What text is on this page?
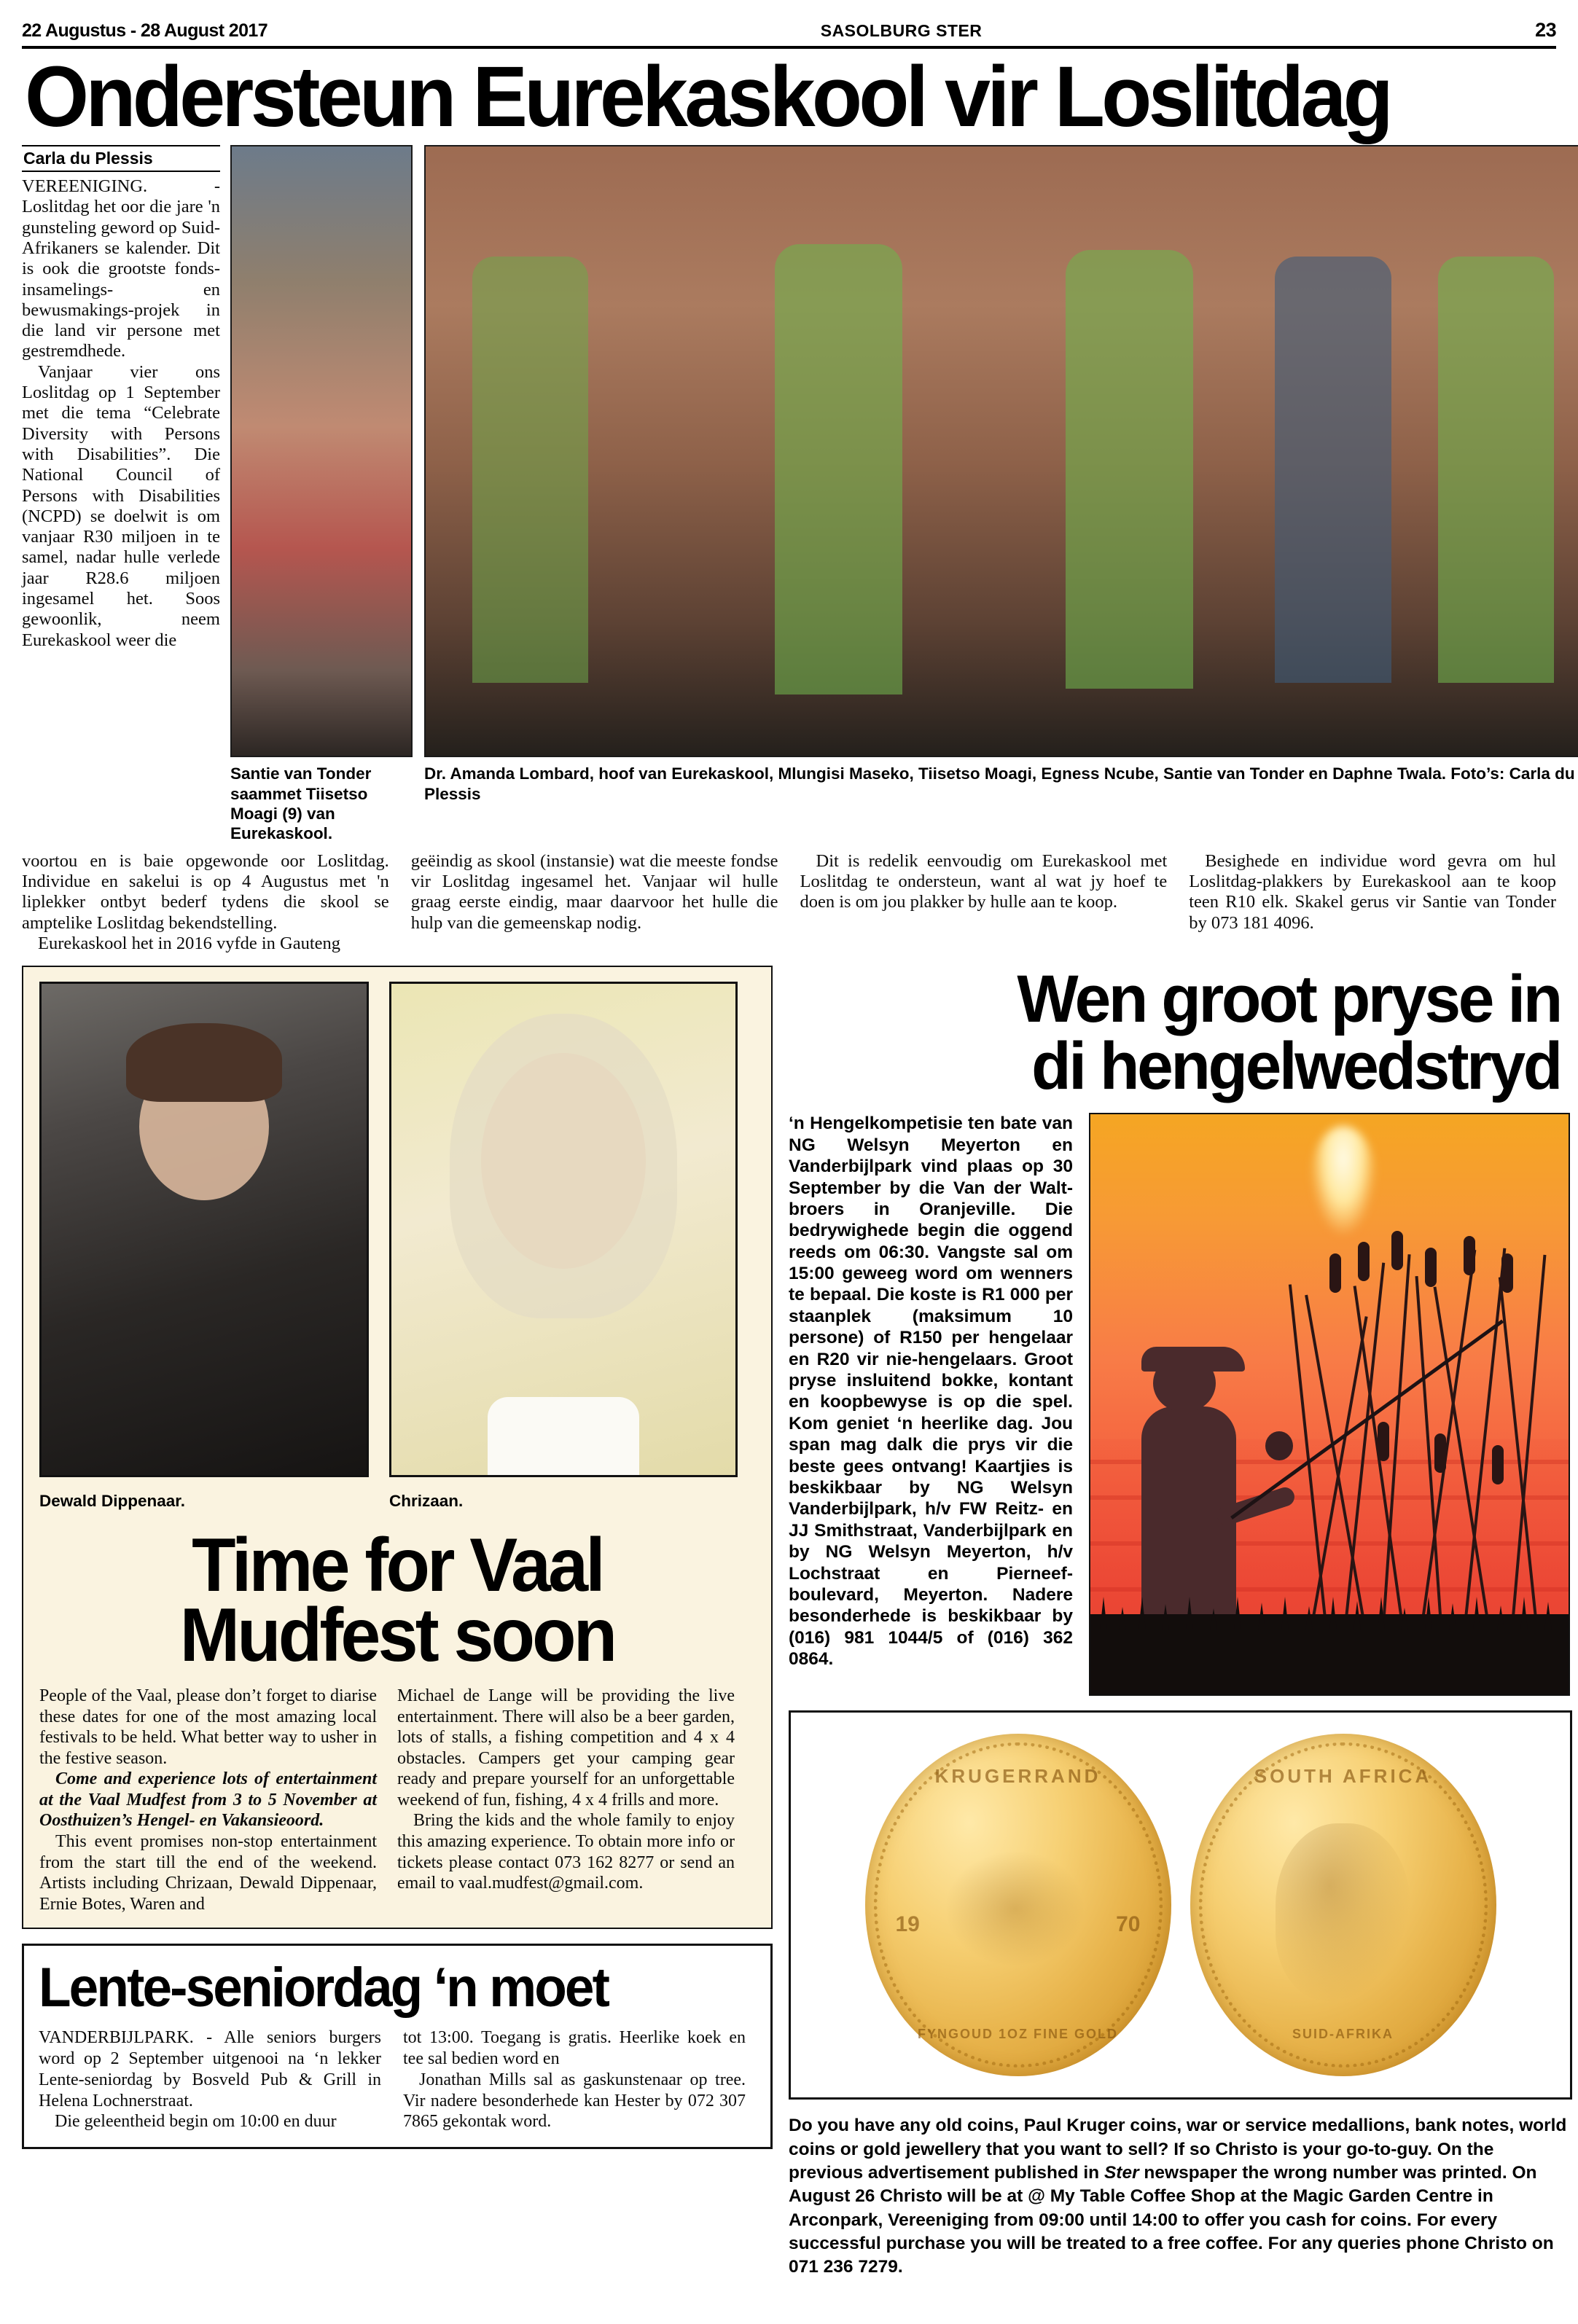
22 Augustus - 28 August 2017	SASOLBURG STER	23
Ondersteun Eurekaskool vir Loslitdag
Carla du Plessis

VEREENIGING. - Loslitdag het oor die jare 'n gunsteling geword op Suid-Afrikaners se kalender. Dit is ook die grootste fonds-insamelings- en bewusmakings-projek in die land vir persone met gestremdhede.

Vanjaar vier ons Loslitdag op 1 September met die tema “Celebrate Diversity with Persons with Disabilities”. Die National Council of Persons with Disabilities (NCPD) se doelwit is om vanjaar R30 miljoen in te samel, nadar hulle verlede jaar R28.6 miljoen ingesamel het. Soos gewoonlik, neem Eurekaskool weer die

Santie van Tonder saammet Tiisetso Moagi (9) van Eurekaskool.
Dr. Amanda Lombard, hoof van Eurekaskool, Mlungisi Maseko, Tiisetso Moagi, Egness Ncube, Santie van Tonder en Daphne Twala. Foto’s: Carla du Plessis

voortou en is baie opgewonde oor Loslitdag. Individue en sakelui is op 4 Augustus met 'n liplekker ontbyt bederf tydens die skool se amptelike Loslitdag bekendstelling.

Eurekaskool het in 2016 vyfde in Gauteng

geëindig as skool (instansie) wat die meeste fondse vir Loslitdag ingesamel het. Vanjaar wil hulle graag eerste eindig, maar daarvoor het hulle die hulp van die gemeenskap nodig.

Dit is redelik eenvoudig om Eurekaskool met Loslitdag te ondersteun, want al wat jy hoef te doen is om jou plakker by hulle aan te koop.

Besighede en individue word gevra om hul Loslitdag-plakkers by Eurekaskool aan te koop teen R10 elk. Skakel gerus vir Santie van Tonder by 073 181 4096.

Dewald Dippenaar.	Chrizaan.
Time for Vaal
Mudfest soon

People of the Vaal, please don’t forget to diarise these dates for one of the most amazing local festivals to be held. What better way to usher in the festive season.

Come and experience lots of entertainment at the Vaal Mudfest from 3 to 5 November at Oosthuizen’s Hengel- en Vakansieoord.

This event promises non-stop entertainment from the start till the end of the weekend. Artists including Chrizaan, Dewald Dippenaar, Ernie Botes, Waren and

Michael de Lange will be providing the live entertainment. There will also be a beer garden, lots of stalls, a fishing competition and 4 x 4 obstacles. Campers get your camping gear ready and prepare yourself for an unforgettable weekend of fun, fishing, 4 x 4 frills and more.

Bring the kids and the whole family to enjoy this amazing experience. To obtain more info or tickets please contact 073 162 8277 or send an email to vaal.mudfest@gmail.com.

Lente-seniordag ‘n moet

VANDERBIJLPARK. - Alle seniors burgers word op 2 September uitgenooi na ‘n lekker Lente-seniordag by Bosveld Pub & Grill in Helena Lochnerstraat.

Die geleentheid begin om 10:00 en duur

tot 13:00. Toegang is gratis. Heerlike koek en tee sal bedien word en

Jonathan Mills sal as gaskunstenaar op tree. Vir nadere besonderhede kan Hester by 072 307 7865 gekontak word.

Wen groot pryse in
di hengelwedstryd

‘n Hengelkompetisie ten bate van NG Welsyn Meyerton en Vanderbijlpark vind plaas op 30 September by die Van der Walt-broers in Oranjeville. Die bedrywighede begin die oggend reeds om 06:30. Vangste sal om 15:00 geweeg word om wenners te bepaal. Die koste is R1 000 per staanplek (maksimum 10 persone) of R150 per hengelaar en R20 vir nie-hengelaars. Groot pryse insluitend bokke, kontant en koopbewyse is op die spel. Kom geniet ‘n heerlike dag. Jou span mag dalk die prys vir die beste gees ontvang! Kaartjies is beskikbaar by NG Welsyn Vanderbijlpark, h/v FW Reitz- en JJ Smithstraat, Vanderbijlpark en by NG Welsyn Meyerton, h/v Lochstraat en Pierneef-boulevard, Meyerton. Nadere besonderhede is beskikbaar by (016) 981 1044/5 of (016) 362 0864.

KRUGERRAND
19	70
FYNGOUD 1OZ FINE GOLD
SOUTH AFRICA
SUID-AFRIKA
Do you have any old coins, Paul Kruger coins, war or service medallions, bank notes, world coins or gold jewellery that you want to sell? If so Christo is your go-to-guy. On the previous advertisement published in Ster newspaper the wrong number was printed. On August 26 Christo will be at @ My Table Coffee Shop at the Magic Garden Centre in Arconpark, Vereeniging from 09:00 until 14:00 to offer you cash for coins. For every successful purchase you will be treated to a free coffee. For any queries phone Christo on 071 236 7279.
